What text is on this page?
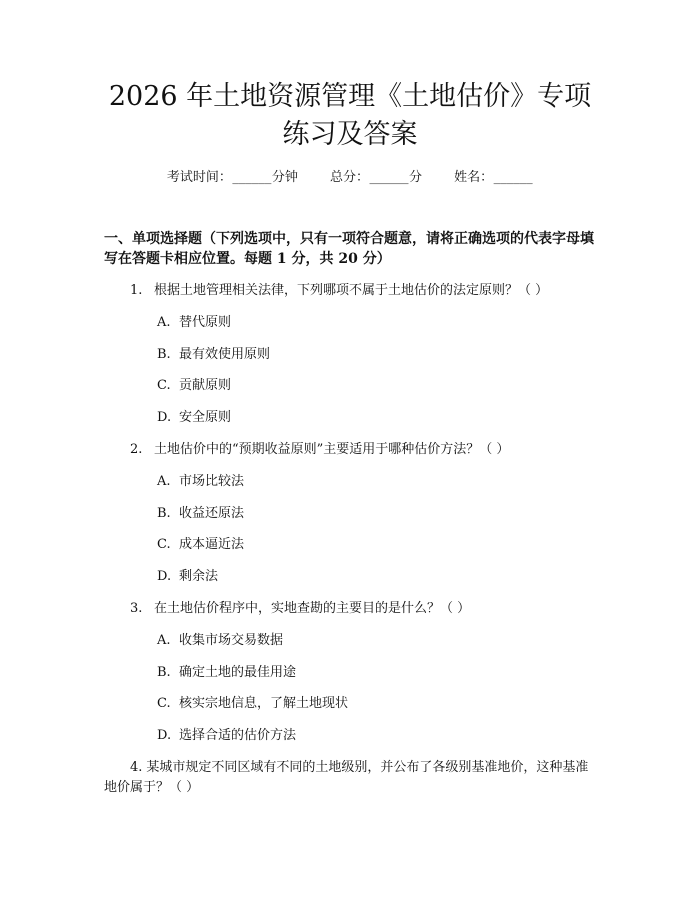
2026 年土地资源管理《土地估价》专项练习及答案
考试时间：______分钟 总分：______分 姓名：______

一、单项选择题（下列选项中，只有一项符合题意，请将正确选项的代表字母填写在答题卡相应位置。每题 1 分，共 20 分）

1. 根据土地管理相关法律，下列哪项不属于土地估价的法定原则？（ ）
A. 替代原则
B. 最有效使用原则
C. 贡献原则
D. 安全原则
2. 土地估价中的“预期收益原则”主要适用于哪种估价方法？（ ）
A. 市场比较法
B. 收益还原法
C. 成本逼近法
D. 剩余法
3. 在土地估价程序中，实地查勘的主要目的是什么？（ ）
A. 收集市场交易数据
B. 确定土地的最佳用途
C. 核实宗地信息，了解土地现状
D. 选择合适的估价方法
4. 某城市规定不同区域有不同的土地级别，并公布了各级别基准地价，这种基准地价属于？（ ）
